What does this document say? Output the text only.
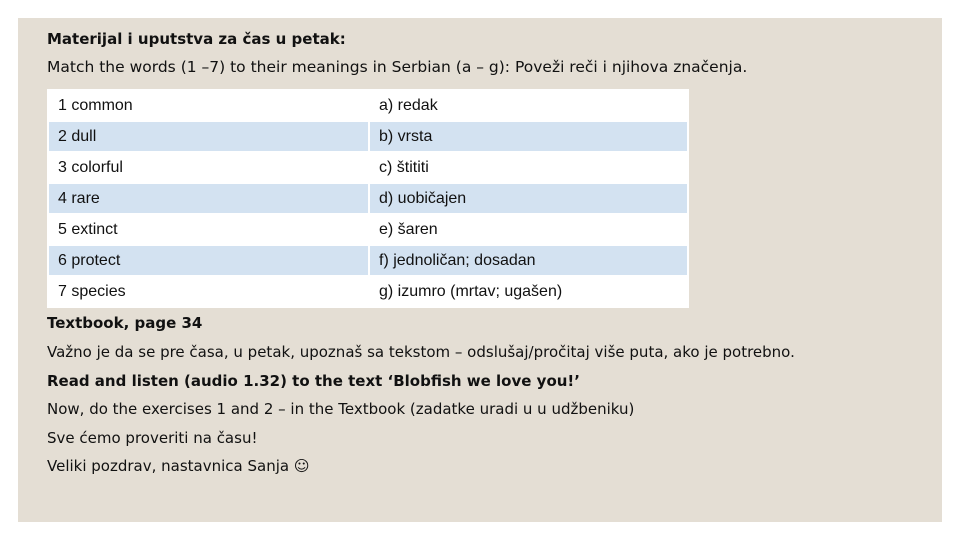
Materijal i uputstva za čas u petak:
Match the words (1 –7) to their meanings in Serbian (a – g): Poveži reči i njihova značenja.
1 common	a) redak
2 dull	b) vrsta
3 colorful	c) štititi
4 rare	d) uobičajen
5 extinct	e) šaren
6 protect	f) jednoličan; dosadan
7 species	g) izumro (mrtav; ugašen)
Textbook, page 34
Važno je da se pre časa, u petak, upoznaš sa tekstom – odslušaj/pročitaj više puta, ako je potrebno.
Read and listen (audio 1.32) to the text ‘Blobfish we love you!’
Now, do the exercises 1 and 2 – in the Textbook (zadatke uradi u u udžbeniku)
Sve ćemo proveriti na času!
Veliki pozdrav, nastavnica Sanja ☺
